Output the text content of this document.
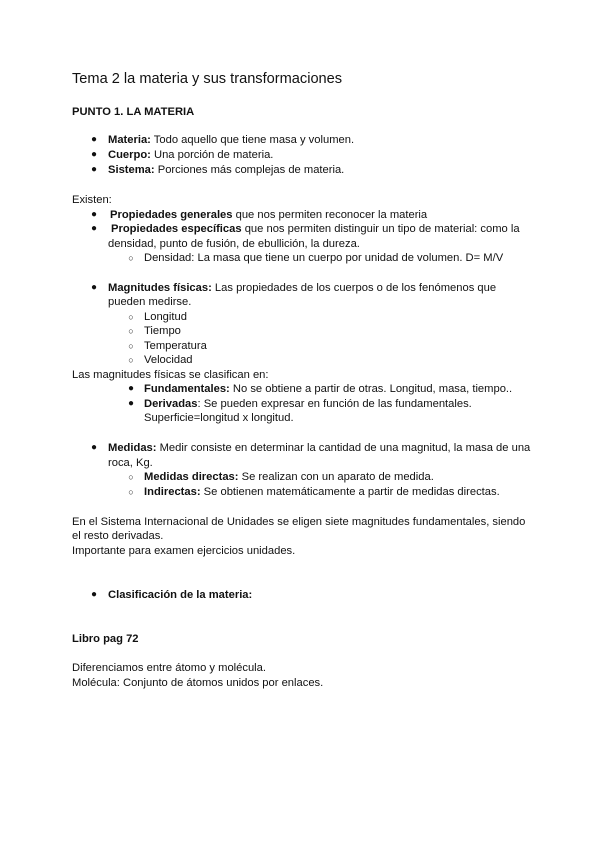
Tema 2 la materia y sus transformaciones
PUNTO 1. LA MATERIA
● Materia: Todo aquello que tiene masa y volumen.
● Cuerpo: Una porción de materia.
● Sistema: Porciones más complejas de materia.
Existen:
●	Propiedades generales que nos permiten reconocer la materia
●	Propiedades específicas que nos permiten distinguir un tipo de material: como la
densidad, punto de fusión, de ebullición, la dureza.
○ Densidad: La masa que tiene un cuerpo por unidad de volumen. D= M/V
● Magnitudes físicas: Las propiedades de los cuerpos o de los fenómenos que
pueden medirse.
○ Longitud
○ Tiempo
○ Temperatura
○ Velocidad
Las magnitudes físicas se clasifican en:
● Fundamentales: No se obtiene a partir de otras. Longitud, masa, tiempo..
● Derivadas: Se pueden expresar en función de las fundamentales.
Superficie=longitud x longitud.
● Medidas: Medir consiste en determinar la cantidad de una magnitud, la masa de una
roca, Kg.
○ Medidas directas: Se realizan con un aparato de medida.
○ Indirectas: Se obtienen matemáticamente a partir de medidas directas.
En el Sistema Internacional de Unidades se eligen siete magnitudes fundamentales, siendo
el resto derivadas.
Importante para examen ejercicios unidades.
● Clasificación de la materia:
Libro pag 72
Diferenciamos entre átomo y molécula.
Molécula: Conjunto de átomos unidos por enlaces.
